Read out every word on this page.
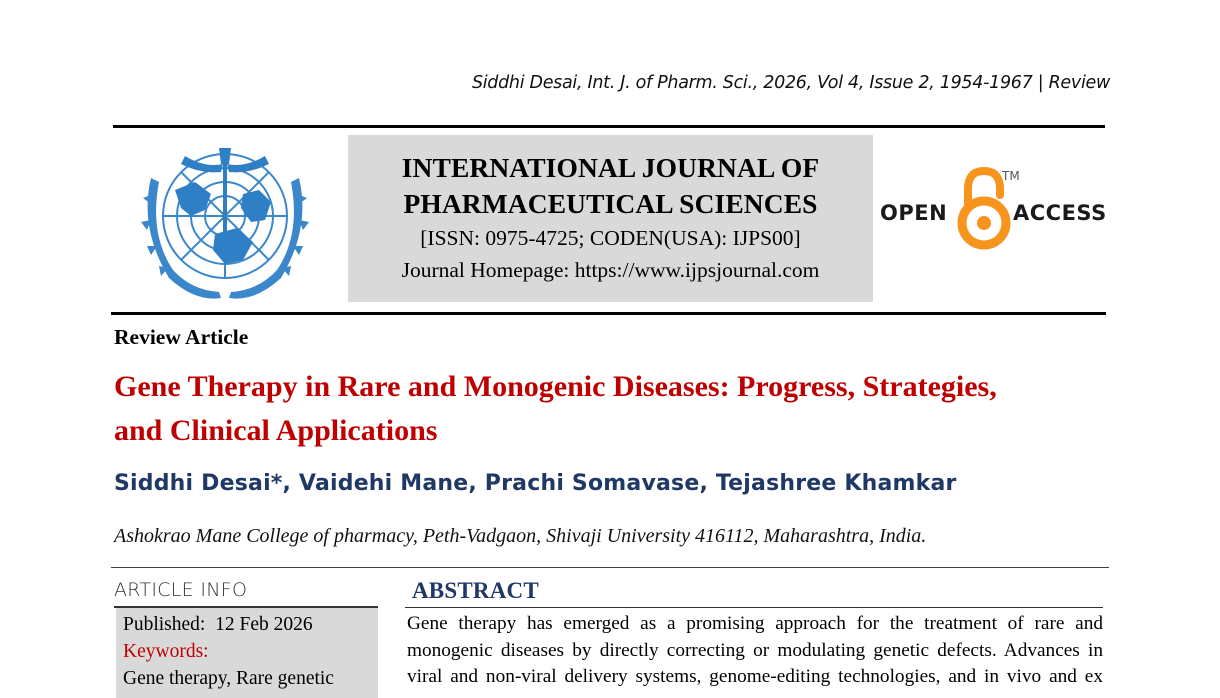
Siddhi Desai, Int. J. of Pharm. Sci., 2026, Vol 4, Issue 2, 1954-1967 | Review
INTERNATIONAL JOURNAL OF
PHARMACEUTICAL SCIENCES
[ISSN: 0975-4725; CODEN(USA): IJPS00]
Journal Homepage: https://www.ijpsjournal.com
OPEN
TM
ACCESS
Review Article
Gene Therapy in Rare and Monogenic Diseases: Progress, Strategies,
and Clinical Applications
Siddhi Desai*, Vaidehi Mane, Prachi Somavase, Tejashree Khamkar
Ashokrao Mane College of pharmacy, Peth-Vadgaon, Shivaji University 416112, Maharashtra, India.
ARTICLE INFO
Published: 12 Feb 2026
Keywords:
Gene therapy, Rare genetic
ABSTRACT
Gene therapy has emerged as a promising approach for the treatment of rare and
monogenic diseases by directly correcting or modulating genetic defects. Advances in
viral and non-viral delivery systems, genome-editing technologies, and in vivo and ex
